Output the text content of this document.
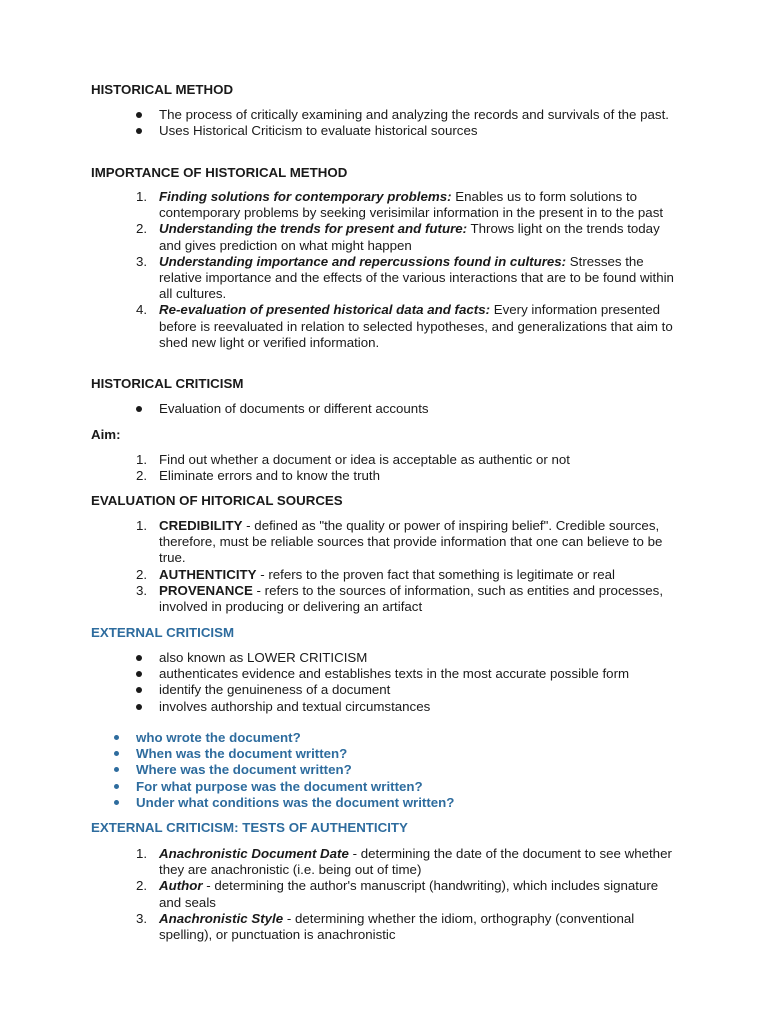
HISTORICAL METHOD
The process of critically examining and analyzing the records and survivals of the past.
Uses Historical Criticism to evaluate historical sources
IMPORTANCE OF HISTORICAL METHOD
1. Finding solutions for contemporary problems: Enables us to form solutions to contemporary problems by seeking verisimilar information in the present in to the past
2. Understanding the trends for present and future: Throws light on the trends today and gives prediction on what might happen
3. Understanding importance and repercussions found in cultures: Stresses the relative importance and the effects of the various interactions that are to be found within all cultures.
4. Re-evaluation of presented historical data and facts: Every information presented before is reevaluated in relation to selected hypotheses, and generalizations that aim to shed new light or verified information.
HISTORICAL CRITICISM
Evaluation of documents or different accounts
Aim:
1. Find out whether a document or idea is acceptable as authentic or not
2. Eliminate errors and to know the truth
EVALUATION OF HITORICAL SOURCES
1. CREDIBILITY - defined as "the quality or power of inspiring belief". Credible sources, therefore, must be reliable sources that provide information that one can believe to be true.
2. AUTHENTICITY - refers to the proven fact that something is legitimate or real
3. PROVENANCE - refers to the sources of information, such as entities and processes, involved in producing or delivering an artifact
EXTERNAL CRITICISM
also known as LOWER CRITICISM
authenticates evidence and establishes texts in the most accurate possible form
identify the genuineness of a document
involves authorship and textual circumstances
who wrote the document?
When was the document written?
Where was the document written?
For what purpose was the document written?
Under what conditions was the document written?
EXTERNAL CRITICISM: TESTS OF AUTHENTICITY
1. Anachronistic Document Date - determining the date of the document to see whether they are anachronistic (i.e. being out of time)
2. Author - determining the author's manuscript (handwriting), which includes signature and seals
3. Anachronistic Style - determining whether the idiom, orthography (conventional spelling), or punctuation is anachronistic
